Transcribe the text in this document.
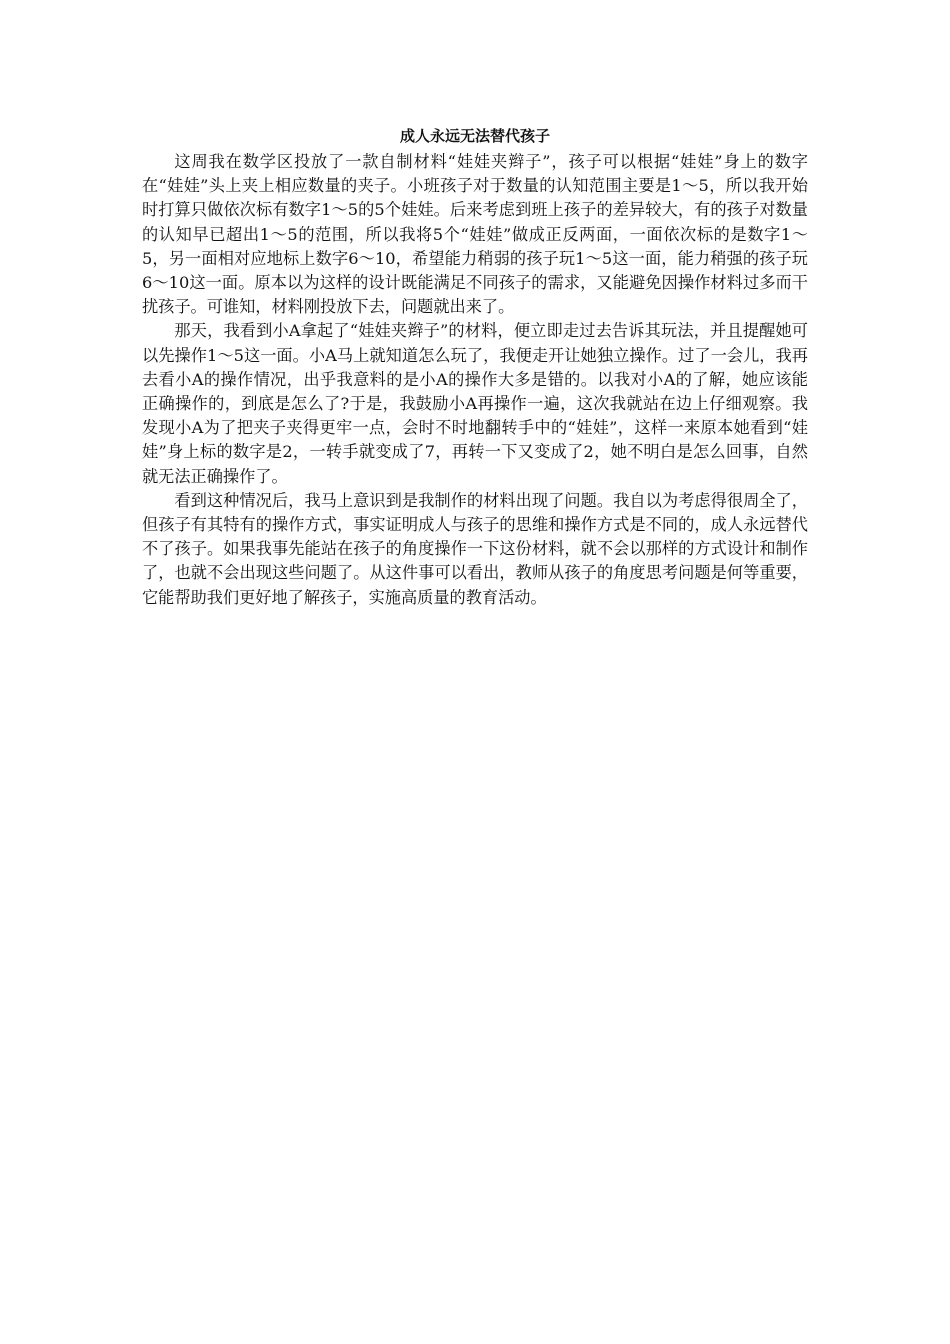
成人永远无法替代孩子

这周我在数学区投放了一款自制材料“娃娃夹辫子”，孩子可以根据“娃娃”身上的数字在“娃娃”头上夹上相应数量的夹子。小班孩子对于数量的认知范围主要是1～5，所以我开始时打算只做依次标有数字1～5的5个娃娃。后来考虑到班上孩子的差异较大，有的孩子对数量的认知早已超出1～5的范围，所以我将5个“娃娃”做成正反两面，一面依次标的是数字1～5，另一面相对应地标上数字6～10，希望能力稍弱的孩子玩1～5这一面，能力稍强的孩子玩6～10这一面。原本以为这样的设计既能满足不同孩子的需求，又能避免因操作材料过多而干扰孩子。可谁知，材料刚投放下去，问题就出来了。

那天，我看到小A拿起了“娃娃夹辫子”的材料，便立即走过去告诉其玩法，并且提醒她可以先操作1～5这一面。小A马上就知道怎么玩了，我便走开让她独立操作。过了一会儿，我再去看小A的操作情况，出乎我意料的是小A的操作大多是错的。以我对小A的了解，她应该能正确操作的，到底是怎么了?于是，我鼓励小A再操作一遍，这次我就站在边上仔细观察。我发现小A为了把夹子夹得更牢一点，会时不时地翻转手中的“娃娃”，这样一来原本她看到“娃娃”身上标的数字是2，一转手就变成了7，再转一下又变成了2，她不明白是怎么回事，自然就无法正确操作了。

看到这种情况后，我马上意识到是我制作的材料出现了问题。我自以为考虑得很周全了，但孩子有其特有的操作方式，事实证明成人与孩子的思维和操作方式是不同的，成人永远替代不了孩子。如果我事先能站在孩子的角度操作一下这份材料，就不会以那样的方式设计和制作了，也就不会出现这些问题了。从这件事可以看出，教师从孩子的角度思考问题是何等重要，它能帮助我们更好地了解孩子，实施高质量的教育活动。
